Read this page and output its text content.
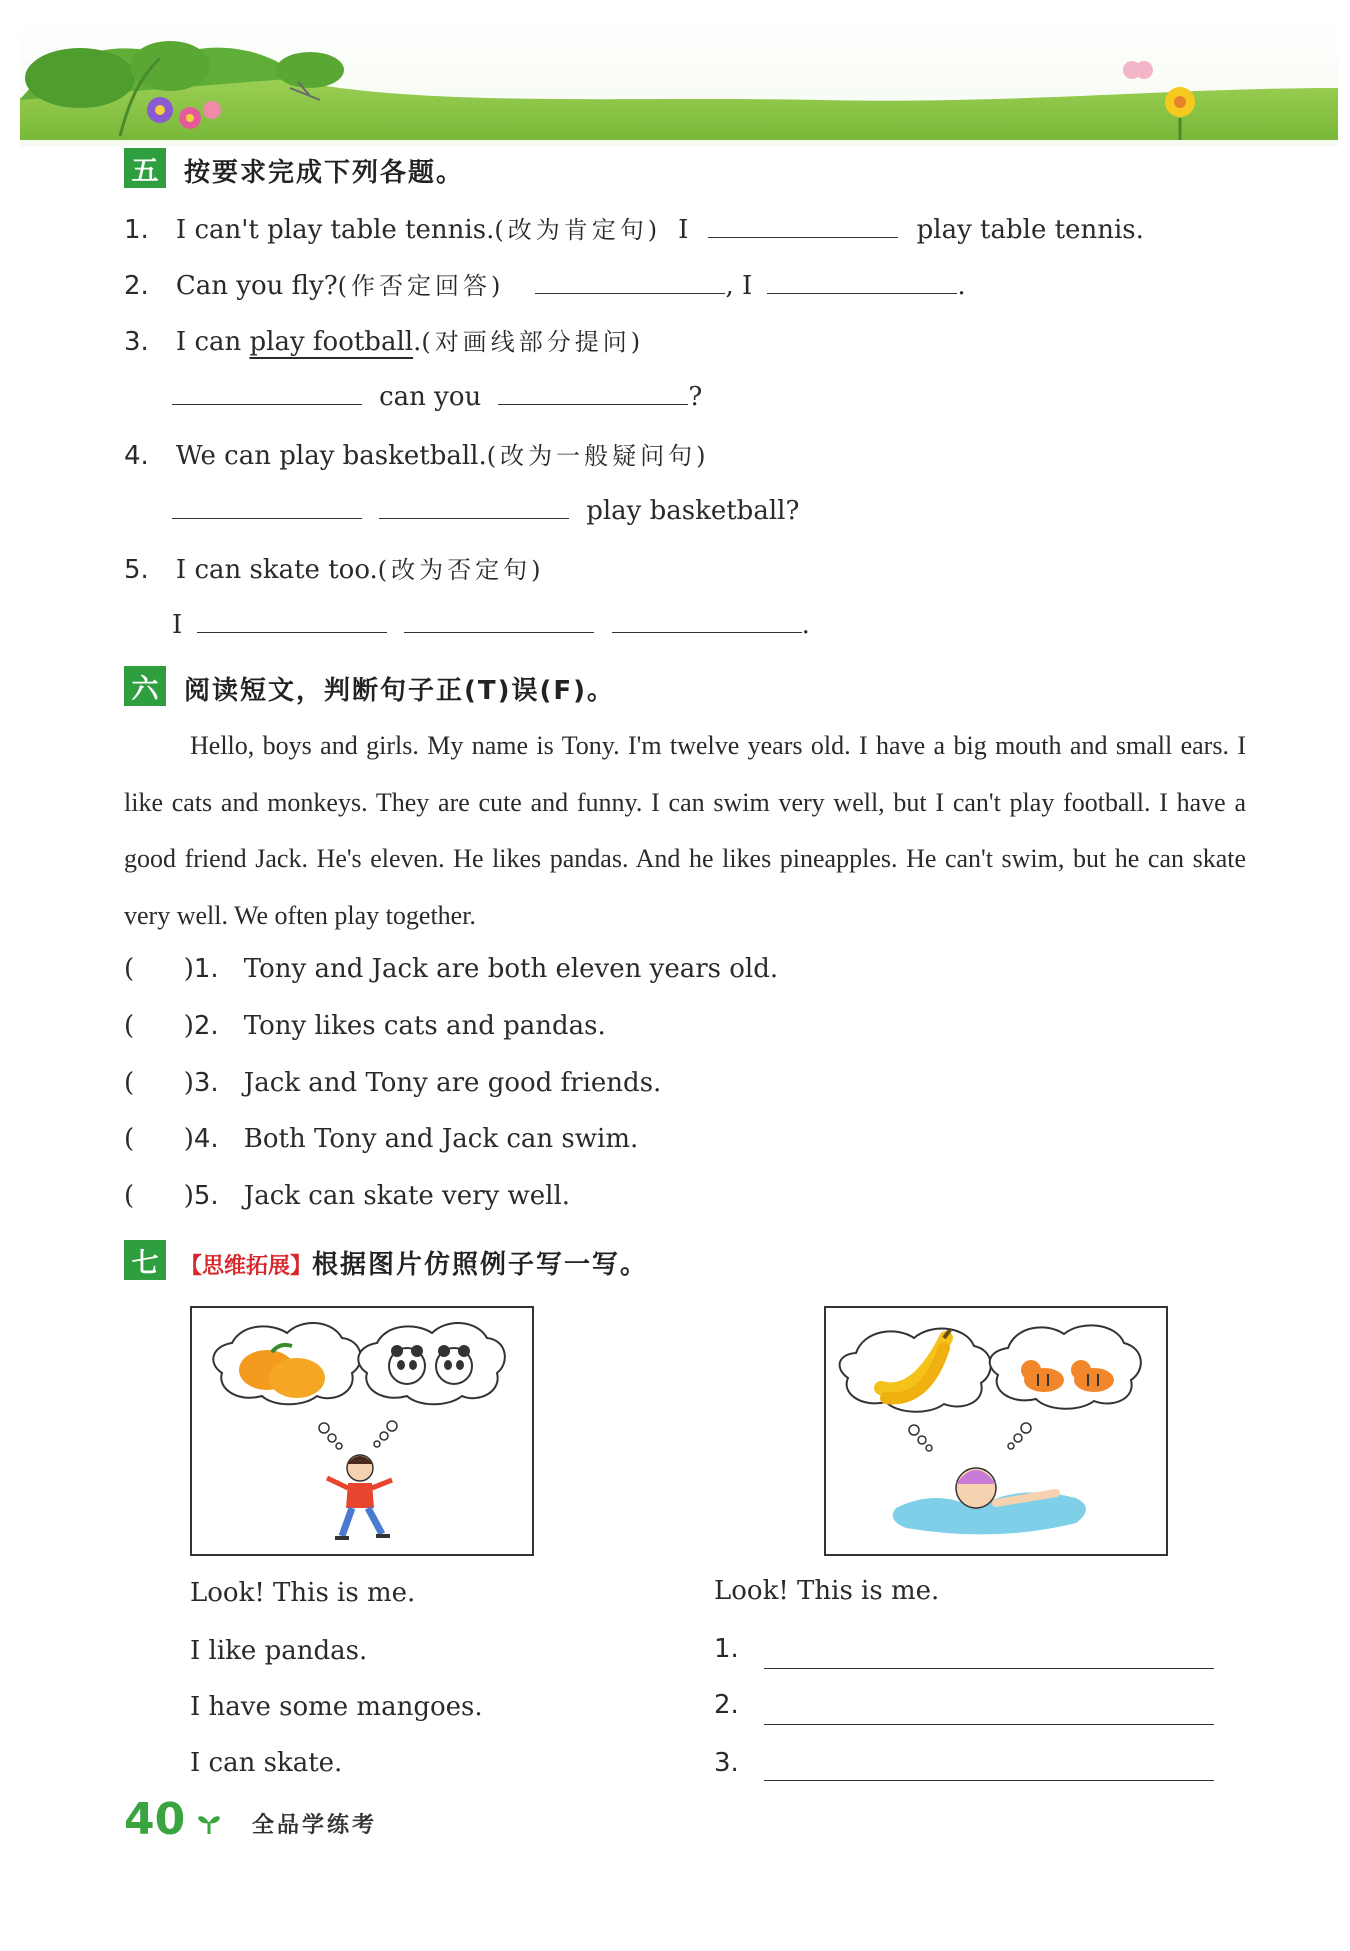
五 按要求完成下列各题。
1. I can't play table tennis.(改为肯定句) I	play table tennis.
2. Can you fly?(作否定回答)	, I	.
3. I can play football.(对画线部分提问)
can you	?
4. We can play basketball.(改为一般疑问句)
play basketball?
5. I can skate too.(改为否定句)
I	.
六 阅读短文，判断句子正(T)误(F)。

Hello, boys and girls. My name is Tony. I'm twelve years old. I have a big mouth and small ears. I like cats and monkeys. They are cute and funny. I can swim very well, but I can't play football. I have a good friend Jack. He's eleven. He likes pandas. And he likes pineapples. He can't swim, but he can skate very well. We often play together.

(      )1. Tony and Jack are both eleven years old.
(      )2. Tony likes cats and pandas.
(      )3. Jack and Tony are good friends.
(      )4. Both Tony and Jack can swim.
(      )5. Jack can skate very well.
七 【思维拓展】根据图片仿照例子写一写。
Look! This is me.
I like pandas.
I have some mangoes.
I can skate.
Look! This is me.
1.
2.
3.
40	全品学练考
